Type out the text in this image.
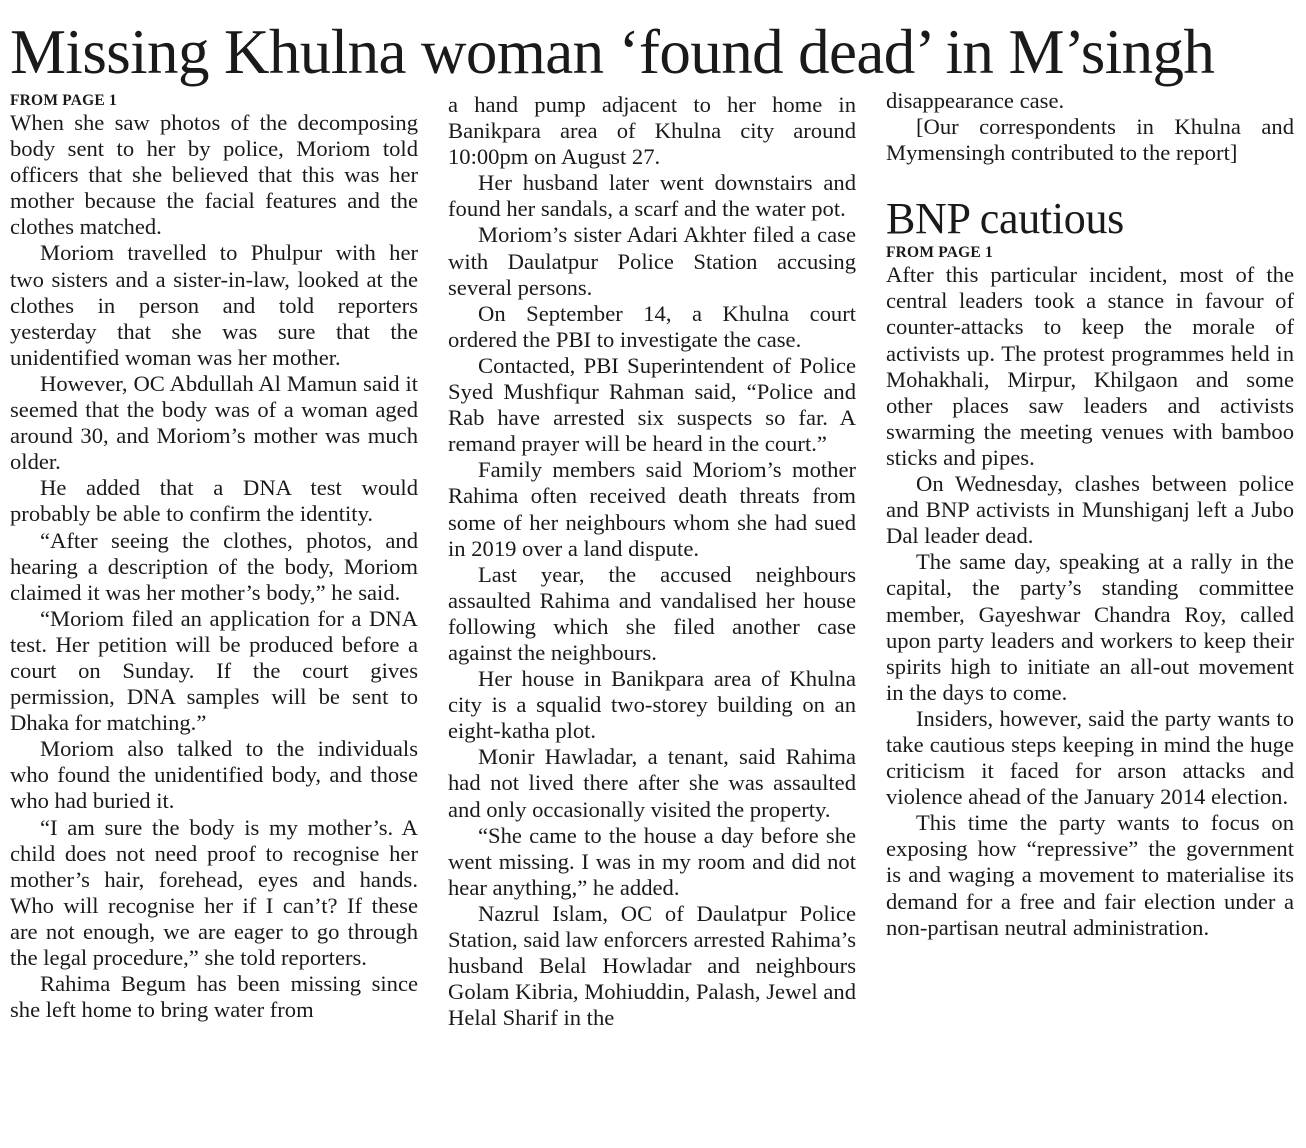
Missing Khulna woman ‘found dead’ in M’singh
FROM PAGE 1

When she saw photos of the decomposing body sent to her by police, Moriom told officers that she believed that this was her mother because the facial features and the clothes matched.

Moriom travelled to Phulpur with her two sisters and a sister-in-law, looked at the clothes in person and told reporters yesterday that she was sure that the unidentified woman was her mother.

However, OC Abdullah Al Mamun said it seemed that the body was of a woman aged around 30, and Moriom’s mother was much older.

He added that a DNA test would probably be able to confirm the identity.

“After seeing the clothes, photos, and hearing a description of the body, Moriom claimed it was her mother’s body,” he said.

“Moriom filed an application for a DNA test. Her petition will be produced before a court on Sunday. If the court gives permission, DNA samples will be sent to Dhaka for matching.”

Moriom also talked to the individuals who found the unidentified body, and those who had buried it.

“I am sure the body is my mother’s. A child does not need proof to recognise her mother’s hair, forehead, eyes and hands. Who will recognise her if I can’t? If these are not enough, we are eager to go through the legal procedure,” she told reporters.

Rahima Begum has been missing since she left home to bring water from

a hand pump adjacent to her home in Banikpara area of Khulna city around 10:00pm on August 27.

Her husband later went downstairs and found her sandals, a scarf and the water pot.

Moriom’s sister Adari Akhter filed a case with Daulatpur Police Station accusing several persons.

On September 14, a Khulna court ordered the PBI to investigate the case.

Contacted, PBI Superintendent of Police Syed Mushfiqur Rahman said, “Police and Rab have arrested six suspects so far. A remand prayer will be heard in the court.”

Family members said Moriom’s mother Rahima often received death threats from some of her neighbours whom she had sued in 2019 over a land dispute.

Last year, the accused neighbours assaulted Rahima and vandalised her house following which she filed another case against the neighbours.

Her house in Banikpara area of Khulna city is a squalid two-storey building on an eight-katha plot.

Monir Hawladar, a tenant, said Rahima had not lived there after she was assaulted and only occasionally visited the property.

“She came to the house a day before she went missing. I was in my room and did not hear anything,” he added.

Nazrul Islam, OC of Daulatpur Police Station, said law enforcers arrested Rahima’s husband Belal Howladar and neighbours Golam Kibria, Mohiuddin, Palash, Jewel and Helal Sharif in the

disappearance case.

[Our correspondents in Khulna and Mymensingh contributed to the report]

BNP cautious
FROM PAGE 1

After this particular incident, most of the central leaders took a stance in favour of counter-attacks to keep the morale of activists up. The protest programmes held in Mohakhali, Mirpur, Khilgaon and some other places saw leaders and activists swarming the meeting venues with bamboo sticks and pipes.

On Wednesday, clashes between police and BNP activists in Munshiganj left a Jubo Dal leader dead.

The same day, speaking at a rally in the capital, the party’s standing committee member, Gayeshwar Chandra Roy, called upon party leaders and workers to keep their spirits high to initiate an all-out movement in the days to come.

Insiders, however, said the party wants to take cautious steps keeping in mind the huge criticism it faced for arson attacks and violence ahead of the January 2014 election.

This time the party wants to focus on exposing how “repressive” the government is and waging a movement to materialise its demand for a free and fair election under a non-partisan neutral administration.
